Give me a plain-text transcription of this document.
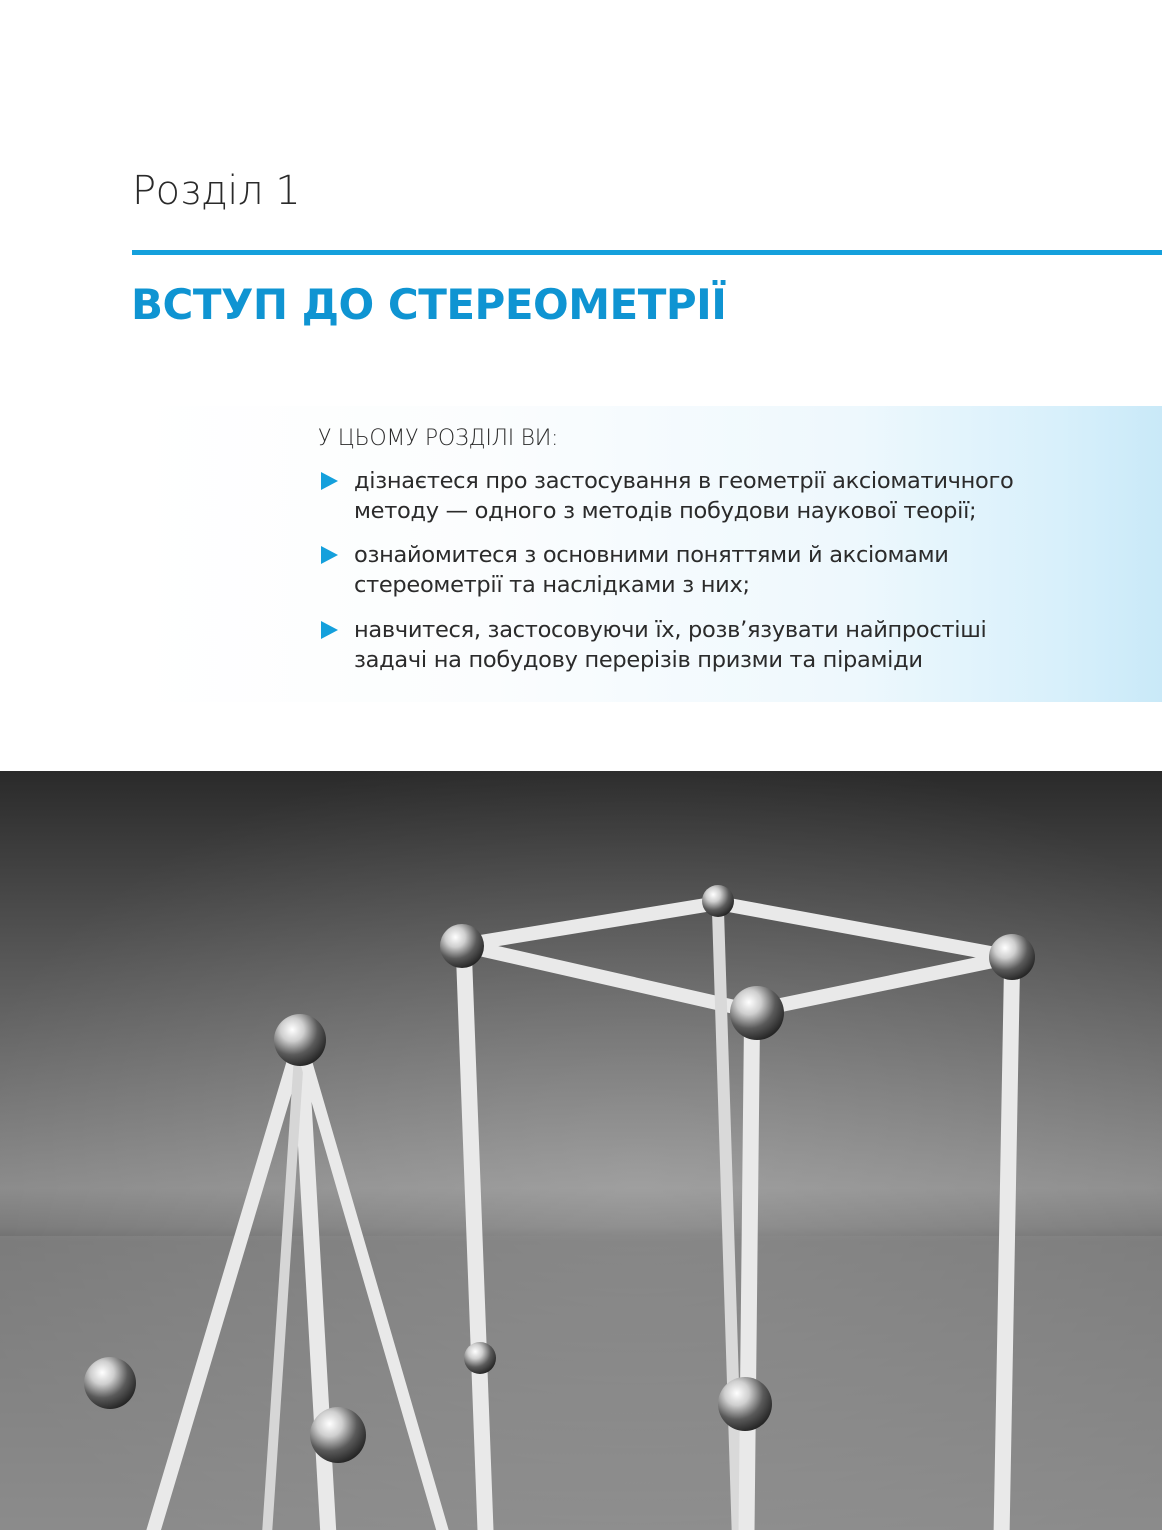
Розділ 1
ВСТУП ДО СТЕРЕОМЕТРІЇ
У ЦЬОМУ РОЗДІЛІ ВИ:
дізнаєтеся про застосування в геометрії аксіоматичного
методу — одного з методів побудови наукової теорії;
ознайомитеся з основними поняттями й аксіомами
стереометрії та наслідками з них;
навчитеся, застосовуючи їх, розв’язувати найпростіші
задачі на побудову перерізів призми та піраміди
